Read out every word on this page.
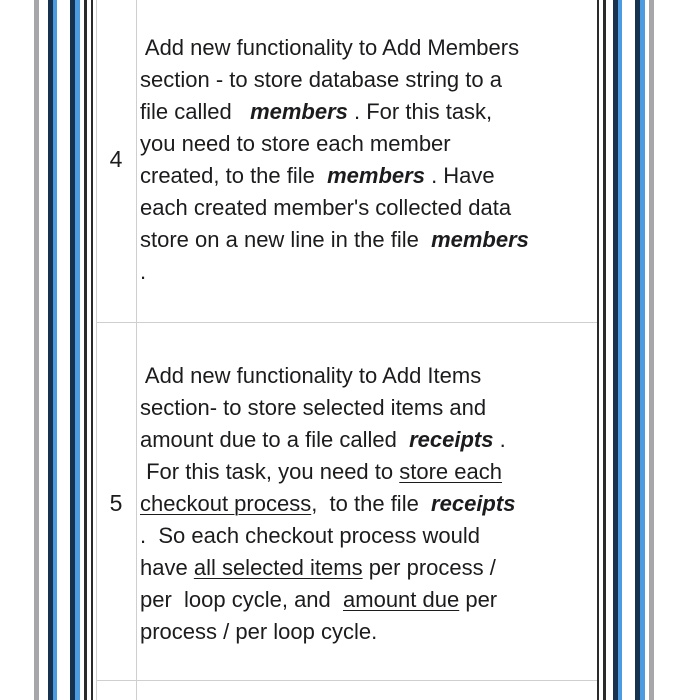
4
Add new functionality to Add Members
section - to store database string to a
file called   members . For this task,
you need to store each member
created, to the file  members . Have
each created member's collected data
store on a new line in the file  members
.
5
Add new functionality to Add Items
section- to store selected items and
amount due to a file called  receipts .
For this task, you need to store each
checkout process,  to the file  receipts
.  So each checkout process would
have all selected items per process /
per  loop cycle, and  amount due per
process / per loop cycle.
